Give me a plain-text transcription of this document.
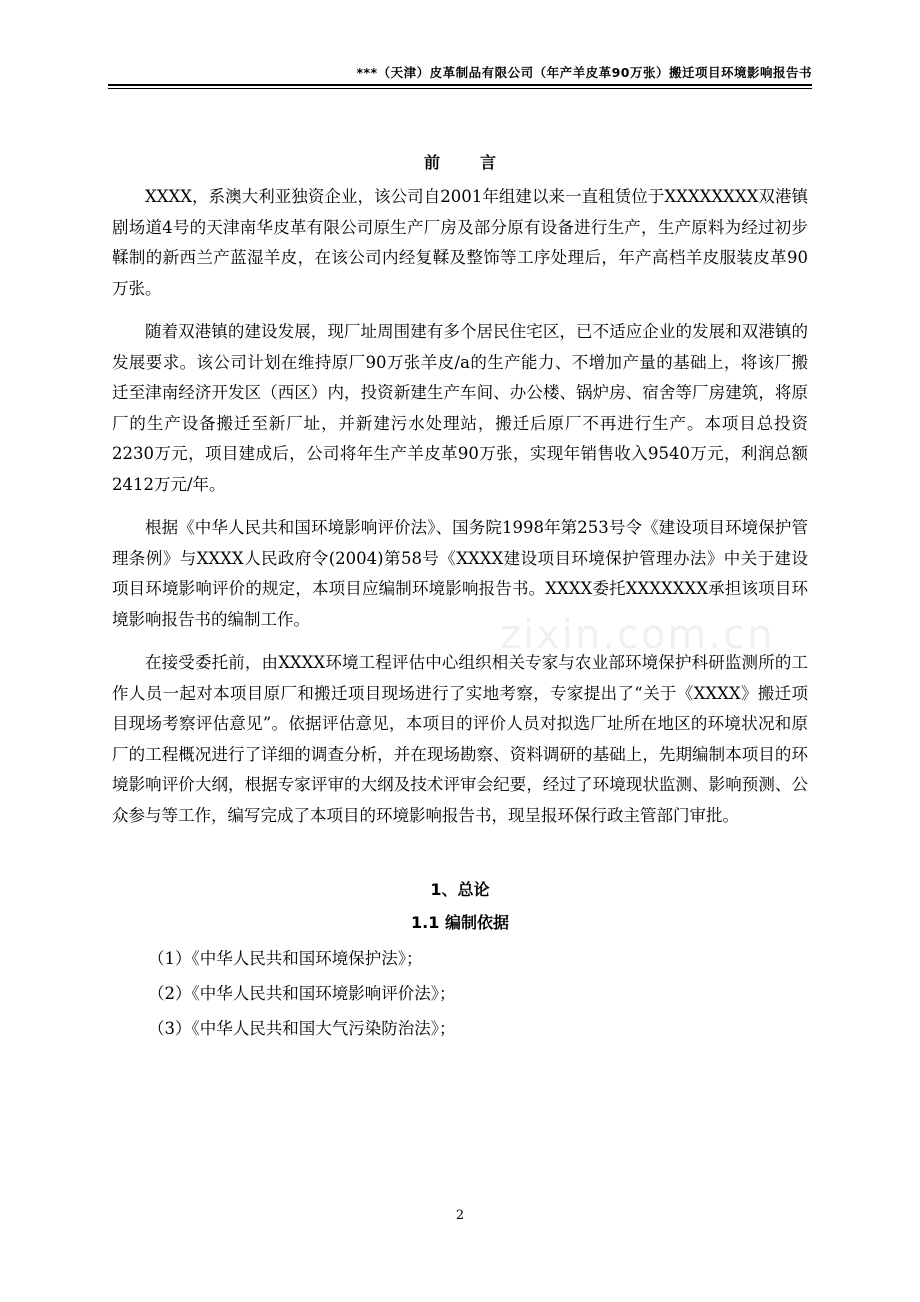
***（天津）皮革制品有限公司（年产羊皮革90万张）搬迁项目环境影响报告书
zixin.com.cn
前言

XXXX，系澳大利亚独资企业，该公司自2001年组建以来一直租赁位于XXXXXXXX双港镇剧场道4号的天津南华皮革有限公司原生产厂房及部分原有设备进行生产，生产原料为经过初步鞣制的新西兰产蓝湿羊皮，在该公司内经复鞣及整饰等工序处理后，年产高档羊皮服装皮革90万张。

随着双港镇的建设发展，现厂址周围建有多个居民住宅区，已不适应企业的发展和双港镇的发展要求。该公司计划在维持原厂90万张羊皮/a的生产能力、不增加产量的基础上，将该厂搬迁至津南经济开发区（西区）内，投资新建生产车间、办公楼、锅炉房、宿舍等厂房建筑，将原厂的生产设备搬迁至新厂址，并新建污水处理站，搬迁后原厂不再进行生产。本项目总投资2230万元，项目建成后，公司将年生产羊皮革90万张，实现年销售收入9540万元，利润总额2412万元/年。

根据《中华人民共和国环境影响评价法》、国务院1998年第253号令《建设项目环境保护管理条例》与XXXX人民政府令(2004)第58号《XXXX建设项目环境保护管理办法》中关于建设项目环境影响评价的规定，本项目应编制环境影响报告书。XXXX委托XXXXXXX承担该项目环境影响报告书的编制工作。

在接受委托前，由XXXX环境工程评估中心组织相关专家与农业部环境保护科研监测所的工作人员一起对本项目原厂和搬迁项目现场进行了实地考察，专家提出了“关于《XXXX》搬迁项目现场考察评估意见”。依据评估意见，本项目的评价人员对拟选厂址所在地区的环境状况和原厂的工程概况进行了详细的调查分析，并在现场勘察、资料调研的基础上，先期编制本项目的环境影响评价大纲，根据专家评审的大纲及技术评审会纪要，经过了环境现状监测、影响预测、公众参与等工作，编写完成了本项目的环境影响报告书，现呈报环保行政主管部门审批。

1、总论
1.1 编制依据

（1）《中华人民共和国环境保护法》；

（2）《中华人民共和国环境影响评价法》；

（3）《中华人民共和国大气污染防治法》；

2
